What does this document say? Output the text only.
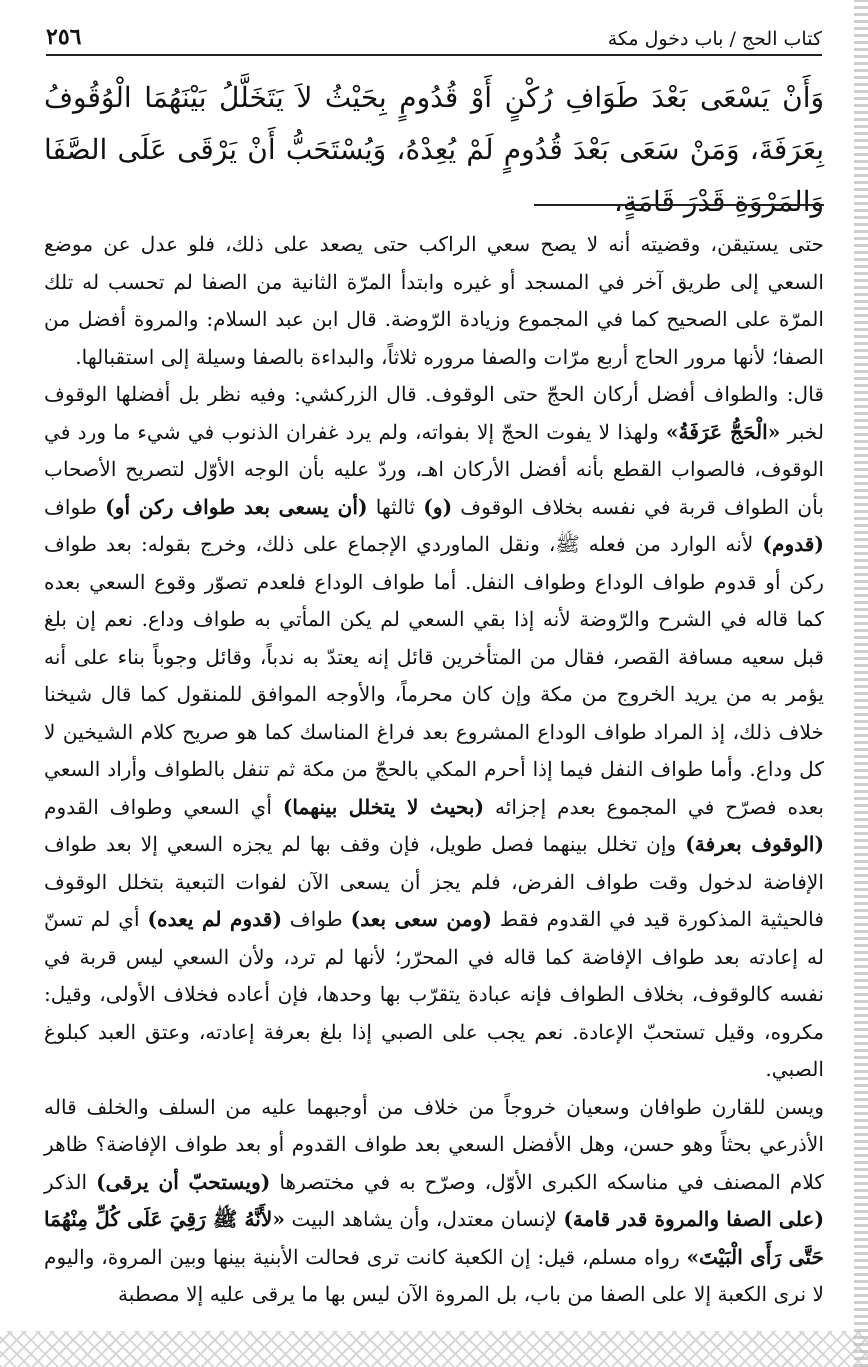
كتاب الحج / باب دخول مكة
٢٥٦
وَأَنْ يَسْعَى بَعْدَ طَوَافِ رُكْنٍ أَوْ قُدُومٍ بِحَيْثُ لاَ يَتَخَلَّلُ بَيْنَهُمَا الْوُقُوفُ بِعَرَفَةَ، وَمَنْ سَعَى بَعْدَ قُدُومٍ لَمْ يُعِدْهُ، وَيُسْتَحَبُّ أَنْ يَرْقَى عَلَى الصَّفَا وَالمَرْوَةِ قَدْرَ قَامَةٍ،
حتى يستيقن، وقضيته أنه لا يصح سعي الراكب حتى يصعد على ذلك، فلو عدل عن موضع السعي إلى طريق آخر في المسجد أو غيره وابتدأ المرّة الثانية من الصفا لم تحسب له تلك المرّة على الصحيح كما في المجموع وزيادة الرّوضة. قال ابن عبد السلام: والمروة أفضل من الصفا؛ لأنها مرور الحاج أربع مرّات والصفا مروره ثلاثاً، والبداءة بالصفا وسيلة إلى استقبالها.
قال: والطواف أفضل أركان الحجّ حتى الوقوف. قال الزركشي: وفيه نظر بل أفضلها الوقوف لخبر «الْحَجُّ عَرَفَةُ» ولهذا لا يفوت الحجّ إلا بفواته، ولم يرد غفران الذنوب في شيء ما ورد في الوقوف، فالصواب القطع بأنه أفضل الأركان اهـ، وردّ عليه بأن الوجه الأوّل لتصريح الأصحاب بأن الطواف قربة في نفسه بخلاف الوقوف (و) ثالثها (أن يسعى بعد طواف ركن أو) طواف (قدوم) لأنه الوارد من فعله ﷺ، ونقل الماوردي الإجماع على ذلك، وخرج بقوله: بعد طواف ركن أو قدوم طواف الوداع وطواف النفل. أما طواف الوداع فلعدم تصوّر وقوع السعي بعده كما قاله في الشرح والرّوضة لأنه إذا بقي السعي لم يكن المأتي به طواف وداع. نعم إن بلغ قبل سعيه مسافة القصر، فقال من المتأخرين قائل إنه يعتدّ به ندباً، وقائل وجوباً بناء على أنه يؤمر به من يريد الخروج من مكة وإن كان محرماً، والأوجه الموافق للمنقول كما قال شيخنا خلاف ذلك، إذ المراد طواف الوداع المشروع بعد فراغ المناسك كما هو صريح كلام الشيخين لا كل وداع. وأما طواف النفل فيما إذا أحرم المكي بالحجّ من مكة ثم تنفل بالطواف وأراد السعي بعده فصرّح في المجموع بعدم إجزائه (بحيث لا يتخلل بينهما) أي السعي وطواف القدوم (الوقوف بعرفة) وإن تخلل بينهما فصل طويل، فإن وقف بها لم يجزه السعي إلا بعد طواف الإفاضة لدخول وقت طواف الفرض، فلم يجز أن يسعى الآن لفوات التبعية بتخلل الوقوف فالحيثية المذكورة قيد في القدوم فقط (ومن سعى بعد) طواف (قدوم لم يعده) أي لم تسنّ له إعادته بعد طواف الإفاضة كما قاله في المحرّر؛ لأنها لم ترد، ولأن السعي ليس قربة في نفسه كالوقوف، بخلاف الطواف فإنه عبادة يتقرّب بها وحدها، فإن أعاده فخلاف الأولى، وقيل: مكروه، وقيل تستحبّ الإعادة. نعم يجب على الصبي إذا بلغ بعرفة إعادته، وعتق العبد كبلوغ الصبي.
ويسن للقارن طوافان وسعيان خروجاً من خلاف من أوجبهما عليه من السلف والخلف قاله الأذرعي بحثاً وهو حسن، وهل الأفضل السعي بعد طواف القدوم أو بعد طواف الإفاضة؟ ظاهر كلام المصنف في مناسكه الكبرى الأوّل، وصرّح به في مختصرها (ويستحبّ أن يرقى) الذكر (على الصفا والمروة قدر قامة) لإنسان معتدل، وأن يشاهد البيت «لأَنَّهُ ﷺ رَقِيَ عَلَى كُلِّ مِنْهُمَا حَتَّى رَأَى الْبَيْتَ» رواه مسلم، قيل: إن الكعبة كانت ترى فحالت الأبنية بينها وبين المروة، واليوم لا نرى الكعبة إلا على الصفا من باب، بل المروة الآن ليس بها ما يرقى عليه إلا مصطبة
